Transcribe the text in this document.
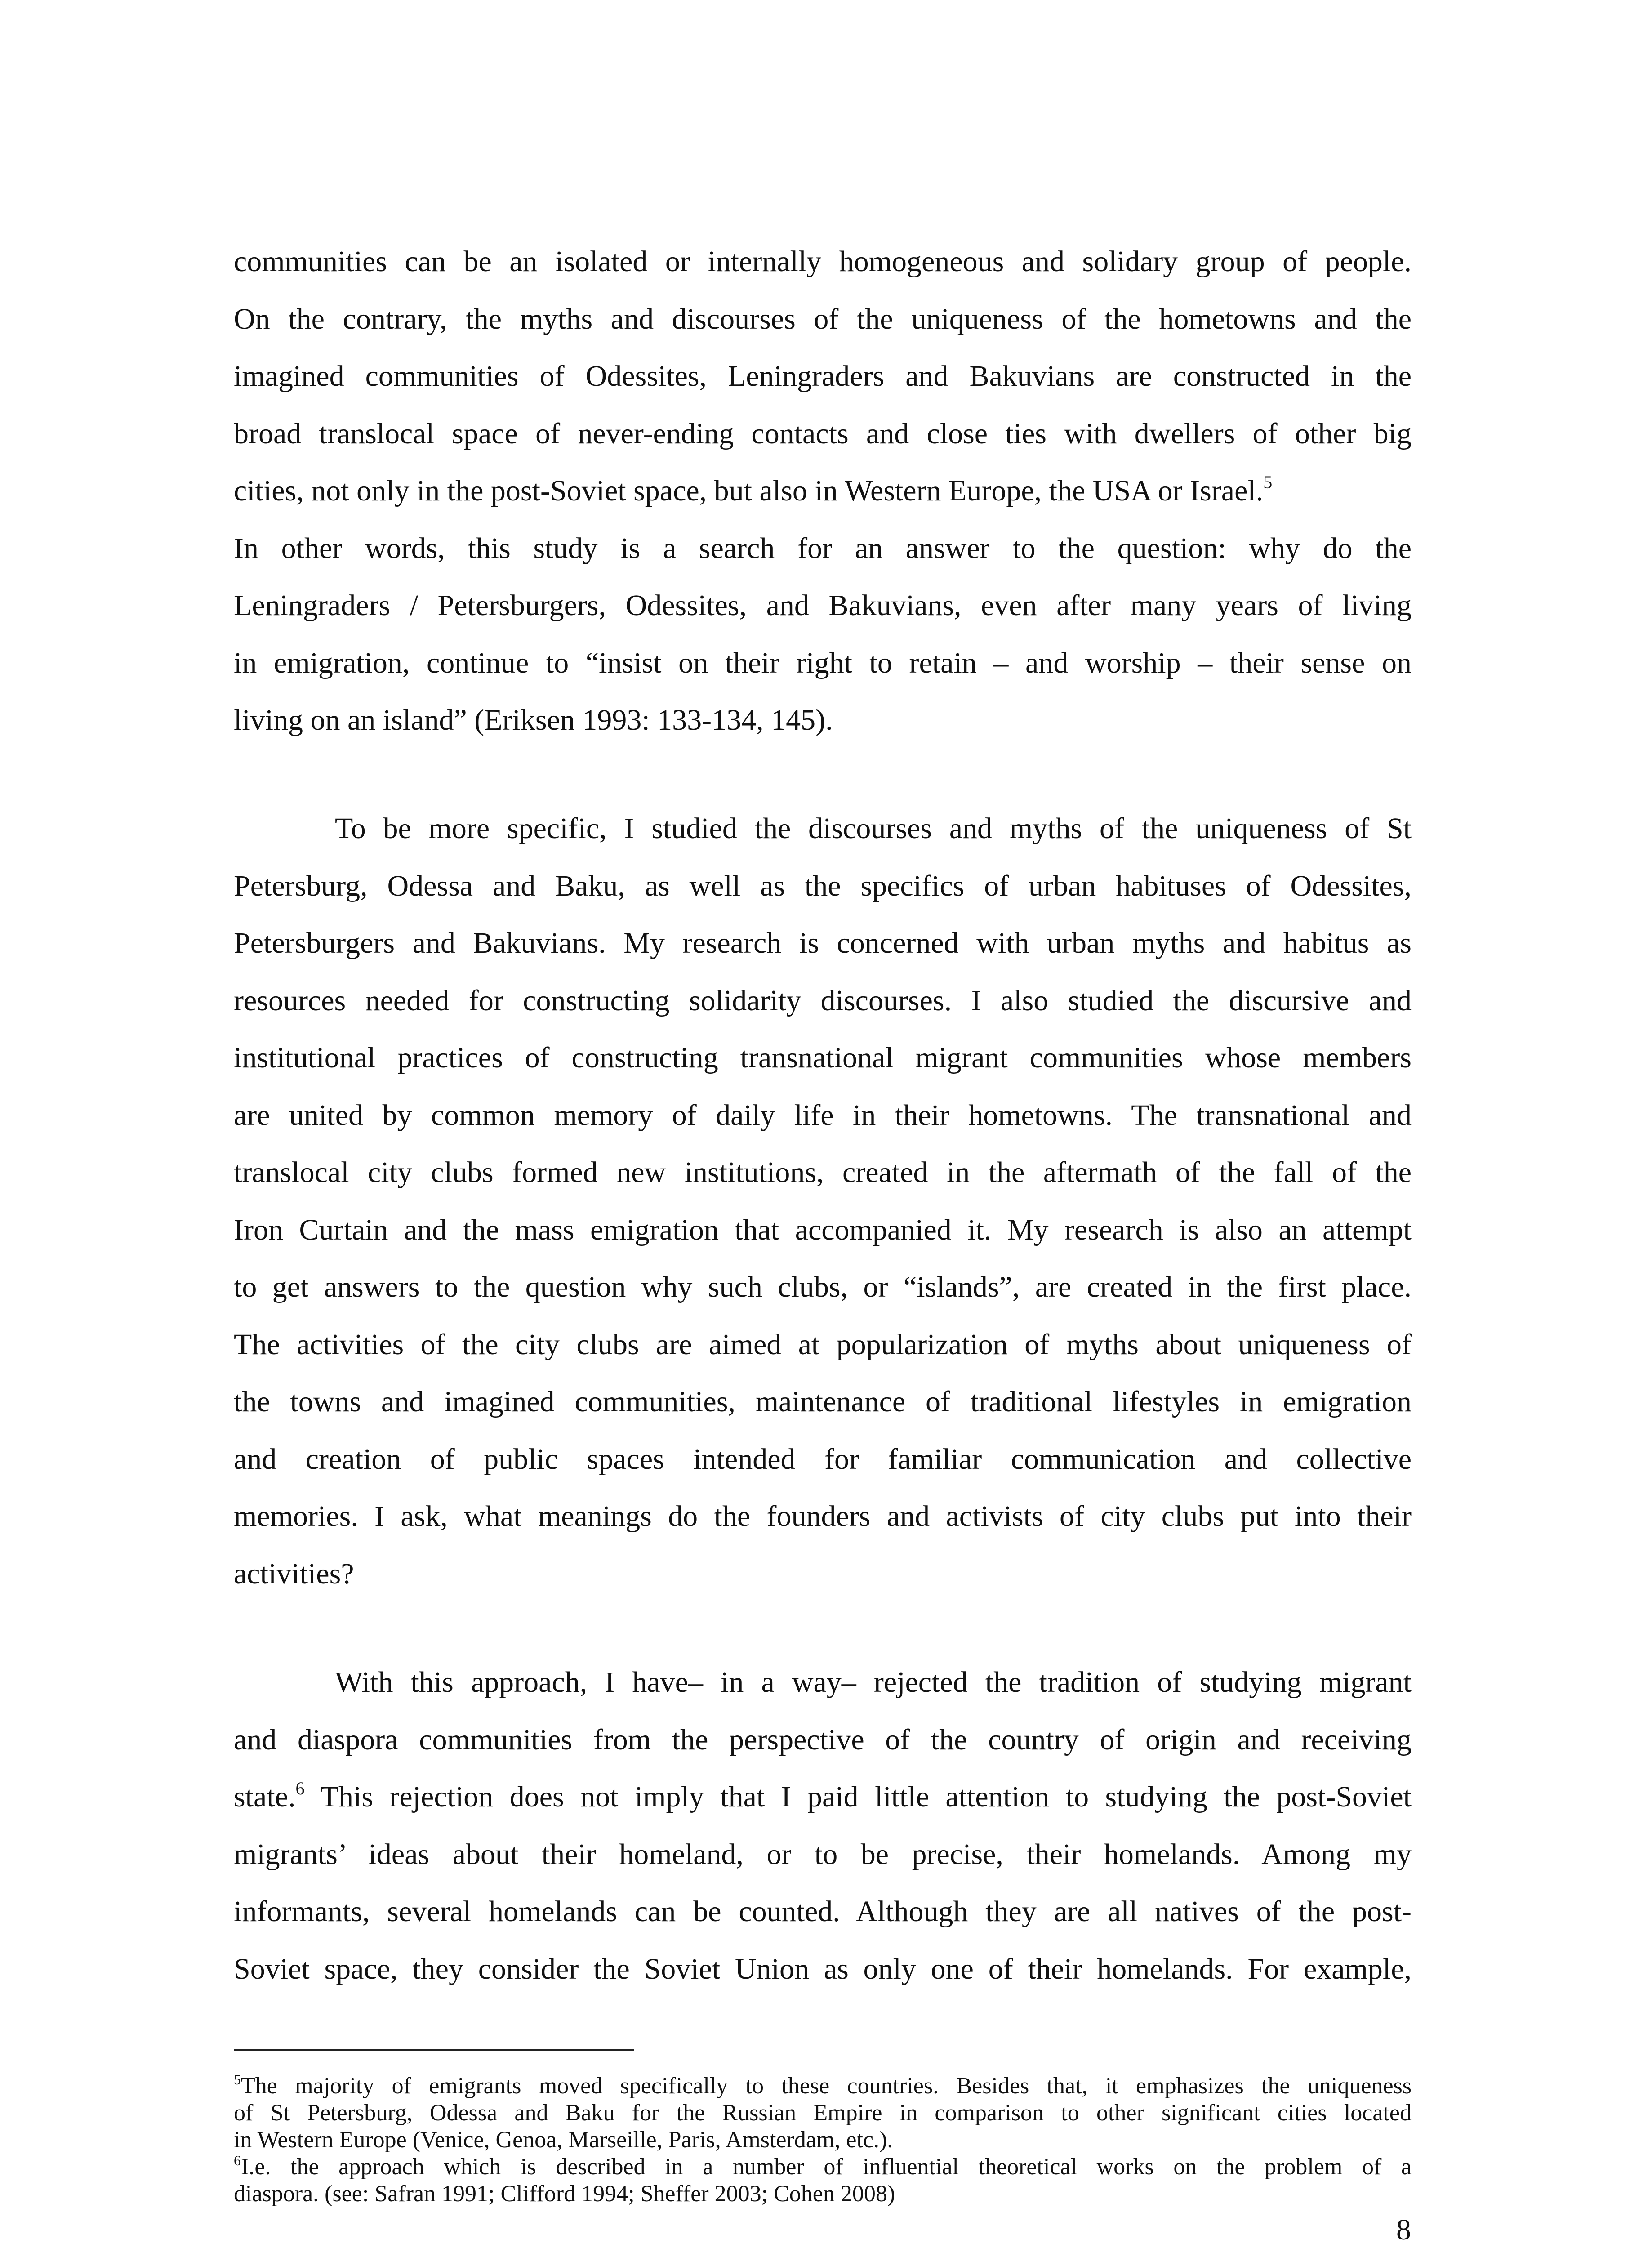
communities can be an isolated or internally homogeneous and solidary group of people.
On the contrary, the myths and discourses of the uniqueness of the hometowns and the
imagined communities of Odessites, Leningraders and Bakuvians are constructed in the
broad translocal space of never-ending contacts and close ties with dwellers of other big
cities, not only in the post-Soviet space, but also in Western Europe, the USA or Israel.$^5$
In other words, this study is a search for an answer to the question: why do the
Leningraders / Petersburgers, Odessites, and Bakuvians, even after many years of living
in emigration, continue to “insist on their right to retain – and worship – their sense on
living on an island” (Eriksen 1993: 133-134, 145).

To be more specific, I studied the discourses and myths of the uniqueness of St
Petersburg, Odessa and Baku, as well as the specifics of urban habituses of Odessites,
Petersburgers and Bakuvians. My research is concerned with urban myths and habitus as
resources needed for constructing solidarity discourses. I also studied the discursive and
institutional practices of constructing transnational migrant communities whose members
are united by common memory of daily life in their hometowns. The transnational and
translocal city clubs formed new institutions, created in the aftermath of the fall of the
Iron Curtain and the mass emigration that accompanied it. My research is also an attempt
to get answers to the question why such clubs, or “islands”, are created in the first place.
The activities of the city clubs are aimed at popularization of myths about uniqueness of
the towns and imagined communities, maintenance of traditional lifestyles in emigration
and creation of public spaces intended for familiar communication and collective
memories. I ask, what meanings do the founders and activists of city clubs put into their
activities?

With this approach, I have– in a way– rejected the tradition of studying migrant
and diaspora communities from the perspective of the country of origin and receiving
state.$^6$ This rejection does not imply that I paid little attention to studying the post-Soviet
migrants’ ideas about their homeland, or to be precise, their homelands. Among my
informants, several homelands can be counted. Although they are all natives of the post-
Soviet space, they consider the Soviet Union as only one of their homelands. For example,

$^5$The majority of emigrants moved specifically to these countries. Besides that, it emphasizes the uniqueness
of St Petersburg, Odessa and Baku for the Russian Empire in comparison to other significant cities located
in Western Europe (Venice, Genoa, Marseille, Paris, Amsterdam, etc.).
$^6$I.e. the approach which is described in a number of influential theoretical works on the problem of a
diaspora. (see: Safran 1991; Clifford 1994; Sheffer 2003; Cohen 2008)

8
